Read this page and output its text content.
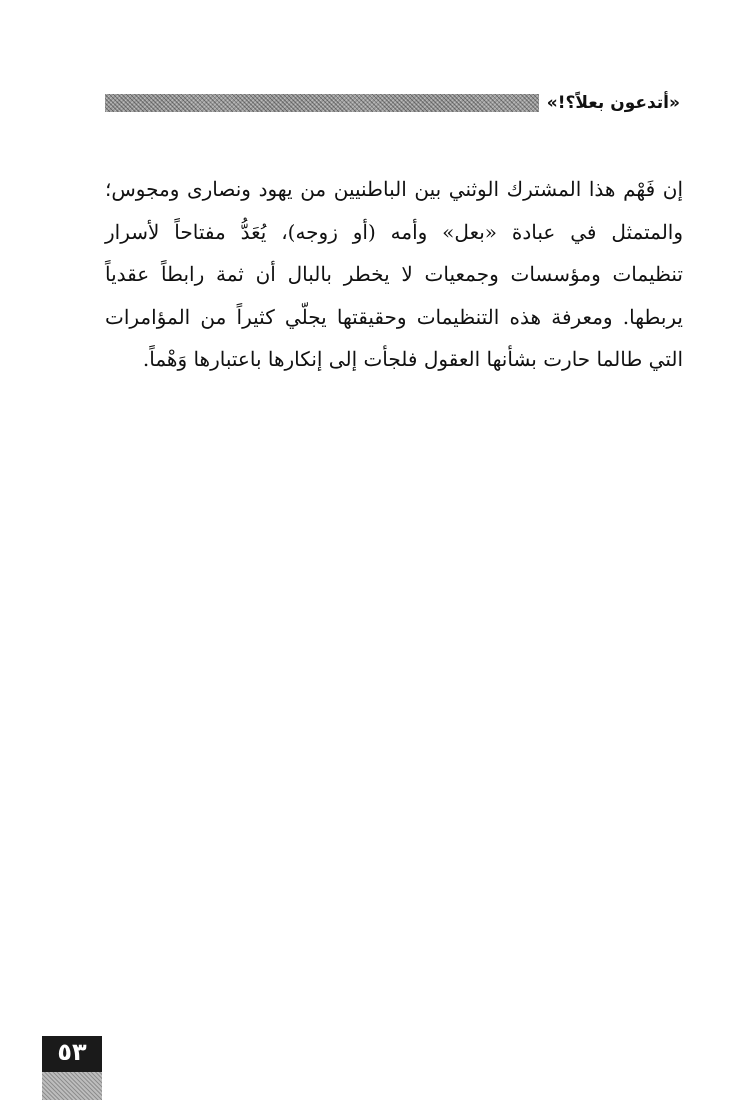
«أتدعون بعلاً؟!»
إن فَهْم هذا المشترك الوثني بين الباطنيين من يهود ونصارى ومجوس؛ والمتمثل في عبادة «بعل» وأمه (أو زوجه)، يُعَدُّ مفتاحاً لأسرار تنظيمات ومؤسسات وجمعيات لا يخطر بالبال أن ثمة رابطاً عقدياً يربطها. ومعرفة هذه التنظيمات وحقيقتها يجلّي كثيراً من المؤامرات التي طالما حارت بشأنها العقول فلجأت إلى إنكارها باعتبارها وَهْماً.
٥٣
